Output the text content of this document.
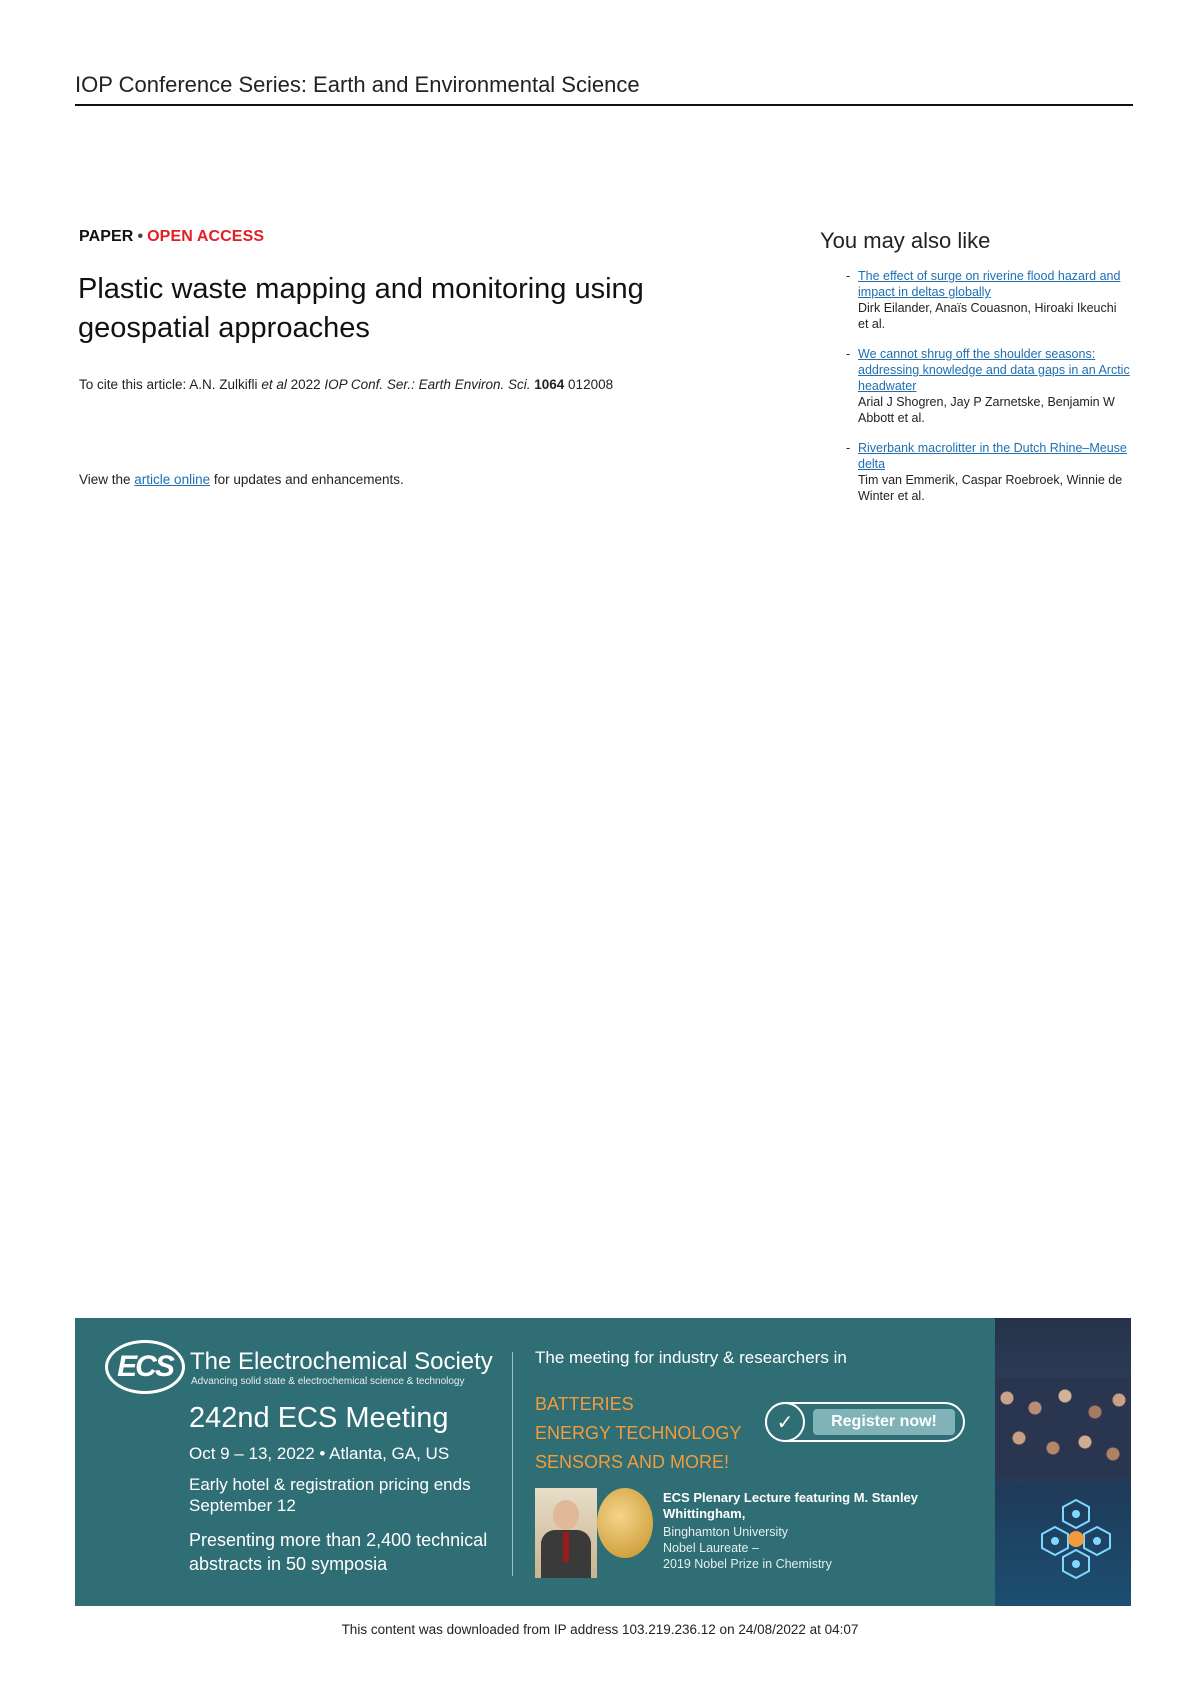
IOP Conference Series: Earth and Environmental Science
PAPER • OPEN ACCESS
Plastic waste mapping and monitoring using geospatial approaches
To cite this article: A.N. Zulkifli et al 2022 IOP Conf. Ser.: Earth Environ. Sci. 1064 012008
View the article online for updates and enhancements.
You may also like
- The effect of surge on riverine flood hazard and impact in deltas globally
Dirk Eilander, Anaïs Couasnon, Hiroaki Ikeuchi et al.
- We cannot shrug off the shoulder seasons: addressing knowledge and data gaps in an Arctic headwater
Arial J Shogren, Jay P Zarnetske, Benjamin W Abbott et al.
- Riverbank macrolitter in the Dutch Rhine–Meuse delta
Tim van Emmerik, Caspar Roebroek, Winnie de Winter et al.
ECS The Electrochemical Society
Advancing solid state & electrochemical science & technology
242nd ECS Meeting
Oct 9 – 13, 2022 • Atlanta, GA, US
Early hotel & registration pricing ends September 12
Presenting more than 2,400 technical abstracts in 50 symposia
The meeting for industry & researchers in
BATTERIES
ENERGY TECHNOLOGY
SENSORS AND MORE!
✓	Register now!
ECS Plenary Lecture featuring M. Stanley Whittingham,
Binghamton University
Nobel Laureate –
2019 Nobel Prize in Chemistry
This content was downloaded from IP address 103.219.236.12 on 24/08/2022 at 04:07
